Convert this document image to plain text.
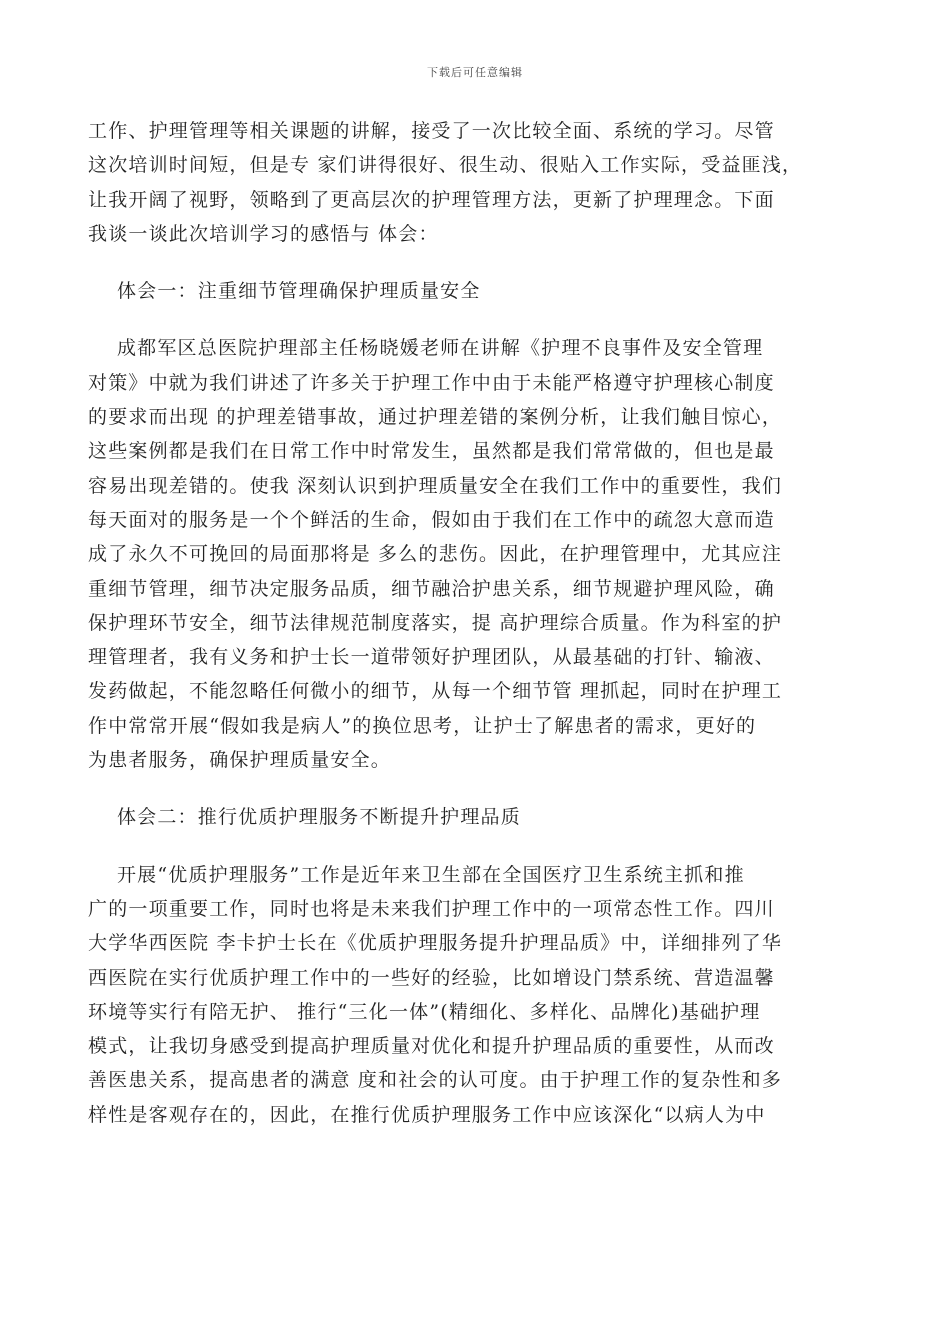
下载后可任意编辑
工作、护理管理等相关课题的讲解，接受了一次比较全面、系统的学习。尽管
这次培训时间短，但是专 家们讲得很好、很生动、很贴入工作实际，受益匪浅，
让我开阔了视野，领略到了更高层次的护理管理方法，更新了护理理念。下面
我谈一谈此次培训学习的感悟与 体会：
体会一：注重细节管理确保护理质量安全
成都军区总医院护理部主任杨晓媛老师在讲解《护理不良事件及安全管理
对策》中就为我们讲述了许多关于护理工作中由于未能严格遵守护理核心制度
的要求而出现 的护理差错事故，通过护理差错的案例分析，让我们触目惊心，
这些案例都是我们在日常工作中时常发生，虽然都是我们常常做的，但也是最
容易出现差错的。使我 深刻认识到护理质量安全在我们工作中的重要性，我们
每天面对的服务是一个个鲜活的生命，假如由于我们在工作中的疏忽大意而造
成了永久不可挽回的局面那将是 多么的悲伤。因此，在护理管理中，尤其应注
重细节管理，细节决定服务品质，细节融洽护患关系，细节规避护理风险，确
保护理环节安全，细节法律规范制度落实，提 高护理综合质量。作为科室的护
理管理者，我有义务和护士长一道带领好护理团队，从最基础的打针、输液、
发药做起，不能忽略任何微小的细节，从每一个细节管 理抓起，同时在护理工
作中常常开展“假如我是病人”的换位思考，让护士了解患者的需求，更好的
为患者服务，确保护理质量安全。
体会二：推行优质护理服务不断提升护理品质
开展“优质护理服务”工作是近年来卫生部在全国医疗卫生系统主抓和推
广的一项重要工作，同时也将是未来我们护理工作中的一项常态性工作。四川
大学华西医院 李卡护士长在《优质护理服务提升护理品质》中，详细排列了华
西医院在实行优质护理工作中的一些好的经验，比如增设门禁系统、营造温馨
环境等实行有陪无护、 推行“三化一体”(精细化、多样化、品牌化)基础护理
模式，让我切身感受到提高护理质量对优化和提升护理品质的重要性，从而改
善医患关系，提高患者的满意 度和社会的认可度。由于护理工作的复杂性和多
样性是客观存在的，因此，在推行优质护理服务工作中应该深化“以病人为中
